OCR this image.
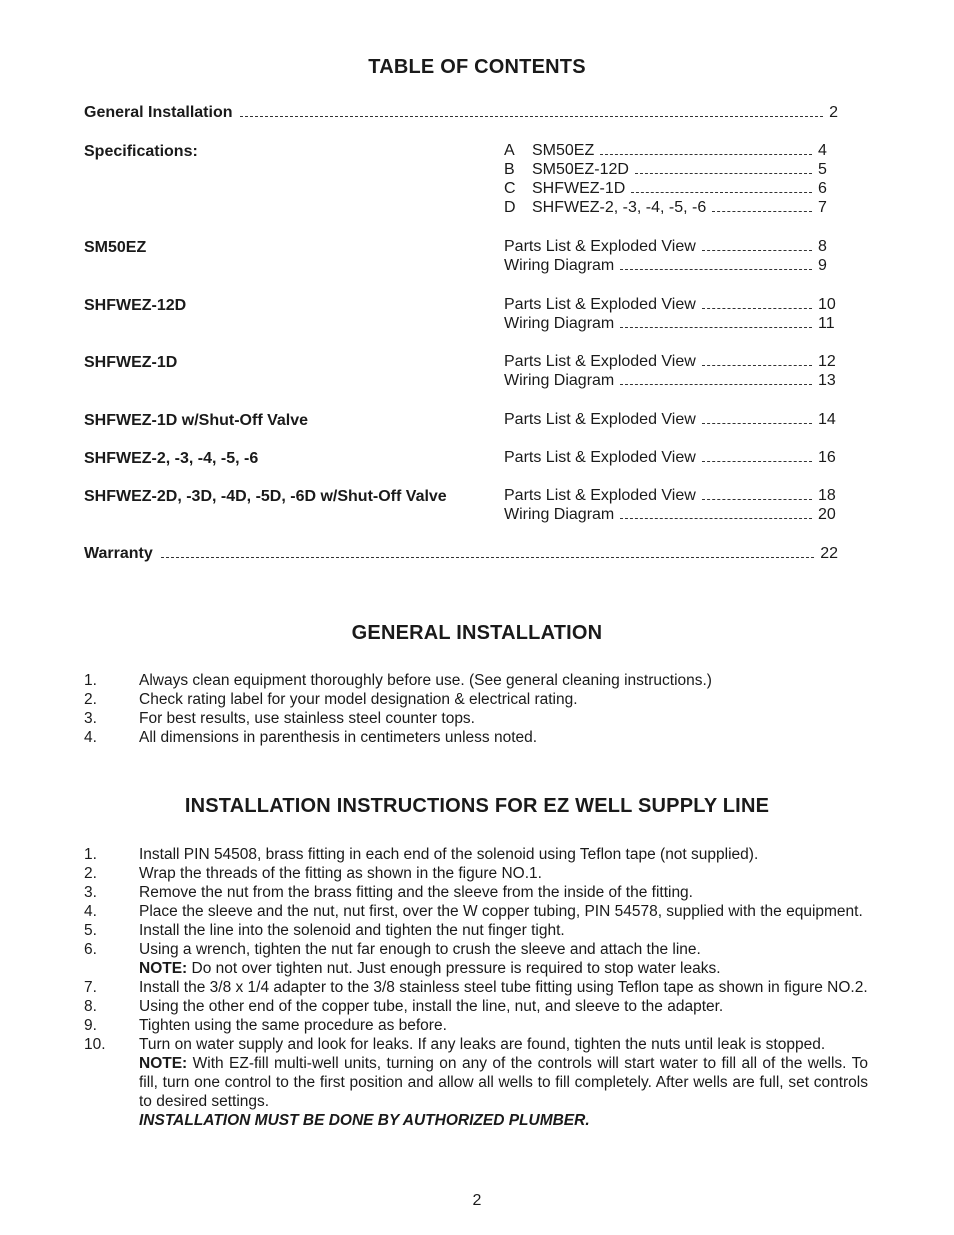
TABLE OF CONTENTS
General Installation	2
Specifications:	A	SM50EZ	4
B	SM50EZ-12D	5
C	SHFWEZ-1D	6
D	SHFWEZ-2, -3, -4, -5, -6	7
SM50EZ	Parts List & Exploded View	8
Wiring Diagram	9
SHFWEZ-12D	Parts List & Exploded View	10
Wiring Diagram	11
SHFWEZ-1D	Parts List & Exploded View	12
Wiring Diagram	13
SHFWEZ-1D w/Shut-Off Valve	Parts List & Exploded View	14
SHFWEZ-2, -3, -4, -5, -6	Parts List & Exploded View	16
SHFWEZ-2D, -3D, -4D, -5D, -6D w/Shut-Off Valve	Parts List & Exploded View	18
Wiring Diagram	20
Warranty	22
GENERAL INSTALLATION
1.	Always clean equipment thoroughly before use. (See general cleaning instructions.)
2.	Check rating label for your model designation & electrical rating.
3.	For best results, use stainless steel counter tops.
4.	All dimensions in parenthesis in centimeters unless noted.
INSTALLATION INSTRUCTIONS FOR EZ WELL SUPPLY LINE
1.	Install PIN 54508, brass fitting in each end of the solenoid using Teflon tape (not supplied).
2.	Wrap the threads of the fitting as shown in the figure NO.1.
3.	Remove the nut from the brass fitting and the sleeve from the inside of the fitting.
4.	Place the sleeve and the nut, nut first, over the W copper tubing, PIN 54578, supplied with the equipment.
5.	Install the line into the solenoid and tighten the nut finger tight.
6.	Using a wrench, tighten the nut far enough to crush the sleeve and attach the line.
NOTE: Do not over tighten nut. Just enough pressure is required to stop water leaks.
7.	Install the 3/8 x 1/4 adapter to the 3/8 stainless steel tube fitting using Teflon tape as shown in figure NO.2.
8.	Using the other end of the copper tube, install the line, nut, and sleeve to the adapter.
9.	Tighten using the same procedure as before.
10.	Turn on water supply and look for leaks. If any leaks are found, tighten the nuts until leak is stopped.
NOTE: With EZ-fill multi-well units, turning on any of the controls will start water to fill all of the wells. To fill, turn one control to the first position and allow all wells to fill completely. After wells are full, set controls to desired settings.
INSTALLATION MUST BE DONE BY AUTHORIZED PLUMBER.
2
